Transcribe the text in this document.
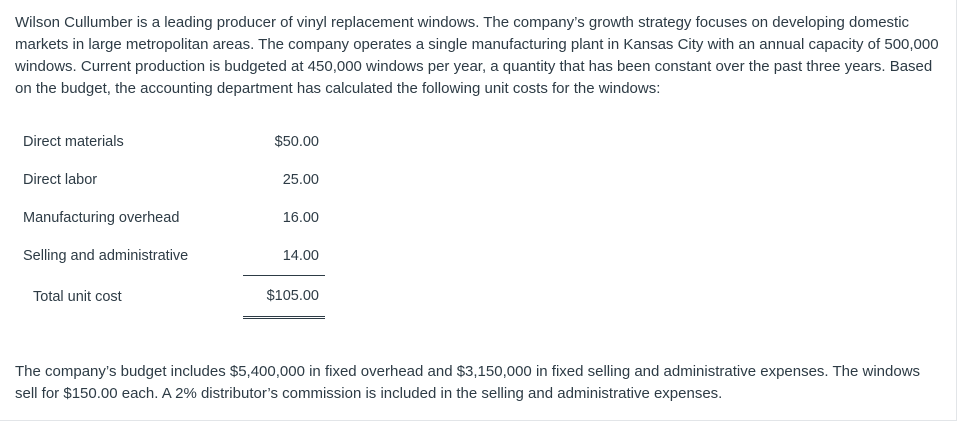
Wilson Cullumber is a leading producer of vinyl replacement windows. The company’s growth strategy focuses on developing domestic markets in large metropolitan areas. The company operates a single manufacturing plant in Kansas City with an annual capacity of 500,000 windows. Current production is budgeted at 450,000 windows per year, a quantity that has been constant over the past three years. Based on the budget, the accounting department has calculated the following unit costs for the windows:

Direct materials	$50.00
Direct labor	25.00
Manufacturing overhead	16.00
Selling and administrative	14.00
Total unit cost	$105.00

The company’s budget includes $5,400,000 in fixed overhead and $3,150,000 in fixed selling and administrative expenses. The windows sell for $150.00 each. A 2% distributor’s commission is included in the selling and administrative expenses.
